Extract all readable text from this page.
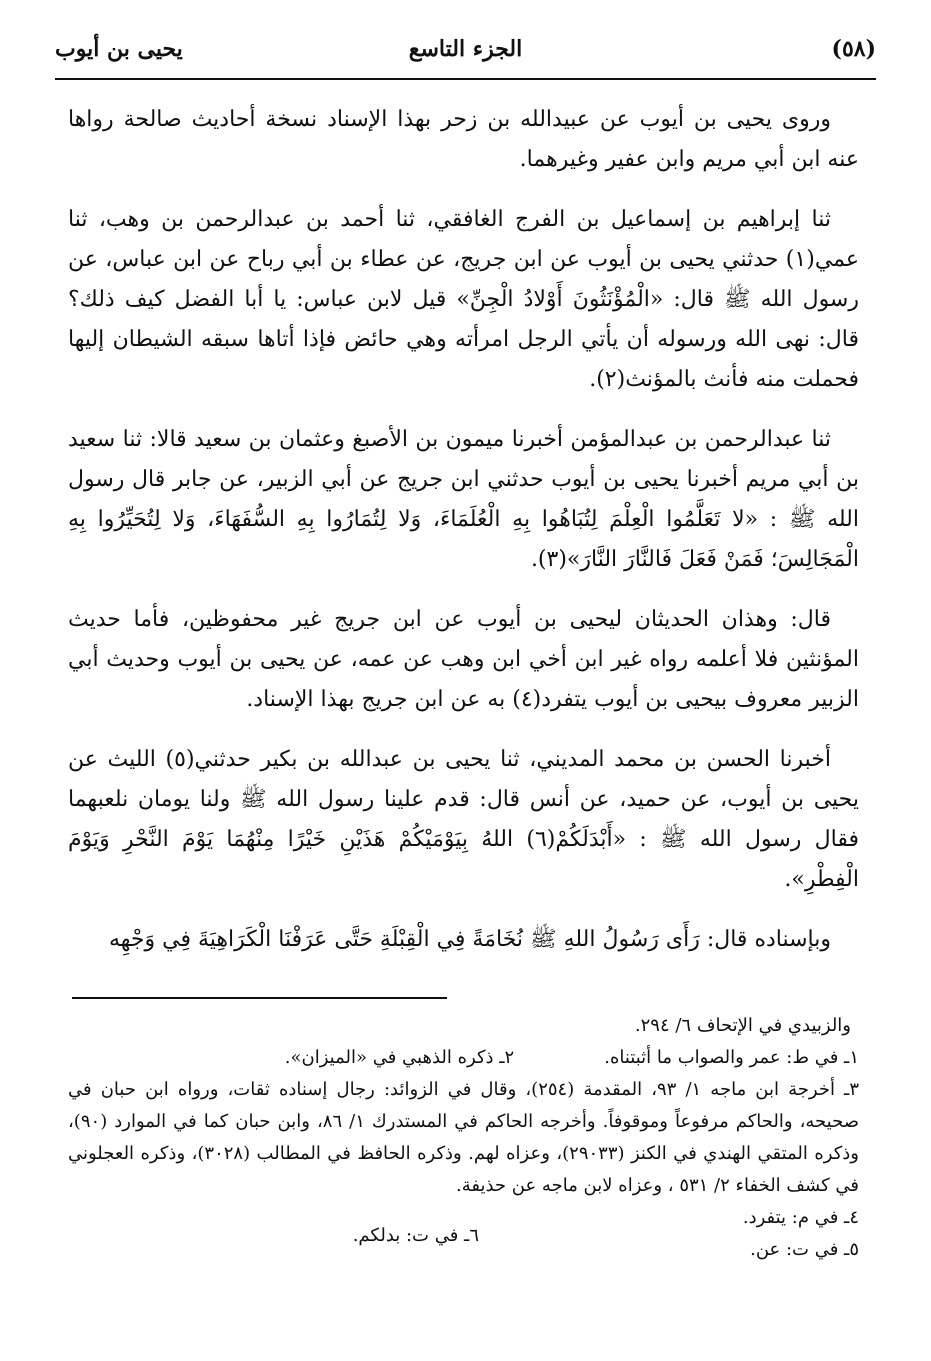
(٥٨)
الجزء التاسع
يحيى بن أيوب

وروى يحيى بن أيوب عن عبيدالله بن زحر بهذا الإسناد نسخة أحاديث صالحة رواها عنه ابن أبي مريم وابن عفير وغيرهما.

ثنا إبراهيم بن إسماعيل بن الفرج الغافقي، ثنا أحمد بن عبدالرحمن بن وهب، ثنا عمي(١) حدثني يحيى بن أيوب عن ابن جريج، عن عطاء بن أبي رباح عن ابن عباس، عن رسول الله ﷺ قال: «الْمُؤْنَثُونَ أَوْلادُ الْجِنِّ» قيل لابن عباس: يا أبا الفضل كيف ذلك؟ قال: نهى الله ورسوله أن يأتي الرجل امرأته وهي حائض فإذا أتاها سبقه الشيطان إليها فحملت منه فأنث بالمؤنث(٢).

ثنا عبدالرحمن بن عبدالمؤمن أخبرنا ميمون بن الأصبغ وعثمان بن سعيد قالا: ثنا سعيد بن أبي مريم أخبرنا يحيى بن أيوب حدثني ابن جريج عن أبي الزبير، عن جابر قال رسول الله ﷺ : «لا تَعَلَّمُوا الْعِلْمَ لِتُبَاهُوا بِهِ الْعُلَمَاءَ، وَلا لِتُمَارُوا بِهِ السُّفَهَاءَ، وَلا لِتُحَيِّرُوا بِهِ الْمَجَالِسَ؛ فَمَنْ فَعَلَ فَالنَّارَ النَّارَ»(٣).

قال: وهذان الحديثان ليحيى بن أيوب عن ابن جريج غير محفوظين، فأما حديث المؤنثين فلا أعلمه رواه غير ابن أخي ابن وهب عن عمه، عن يحيى بن أيوب وحديث أبي الزبير معروف بيحيى بن أيوب يتفرد(٤) به عن ابن جريج بهذا الإسناد.

أخبرنا الحسن بن محمد المديني، ثنا يحيى بن عبدالله بن بكير حدثني(٥) الليث عن يحيى بن أيوب، عن حميد، عن أنس قال: قدم علينا رسول الله ﷺ ولنا يومان نلعبهما فقال رسول الله ﷺ : «أَبْدَلَكُمْ(٦) اللهُ بِيَوْمَيْكُمْ هَذَيْنِ خَيْرًا مِنْهُمَا يَوْمَ النَّحْرِ وَيَوْمَ الْفِطْرِ».

وبإسناده قال: رَأَى رَسُولُ اللهِ ﷺ نُخَامَةً فِي الْقِبْلَةِ حَتَّى عَرَفْنَا الْكَرَاهِيَةَ فِي وَجْهِه

والزبيدي في الإتحاف ٦/ ٢٩٤.

١ـ في ط: عمر والصواب ما أثبتناه.
٢ـ ذكره الذهبي في «الميزان».

٣ـ أخرجة ابن ماجه ١/ ٩٣، المقدمة (٢٥٤)، وقال في الزوائد: رجال إسناده ثقات، ورواه ابن حبان في صحيحه، والحاكم مرفوعاً وموقوفاً. وأخرجه الحاكم في المستدرك ١/ ٨٦، وابن حبان كما في الموارد (٩٠)، وذكره المتقي الهندي في الكنز (٢٩٠٣٣)، وعزاه لهم. وذكره الحافظ في المطالب (٣٠٢٨)، وذكره العجلوني في كشف الخفاء ٢/ ٥٣١ ، وعزاه لابن ماجه عن حذيفة.

٤ـ في م: يتفرد.
٥ـ في ت: عن.
٦ـ في ت: بدلكم.
